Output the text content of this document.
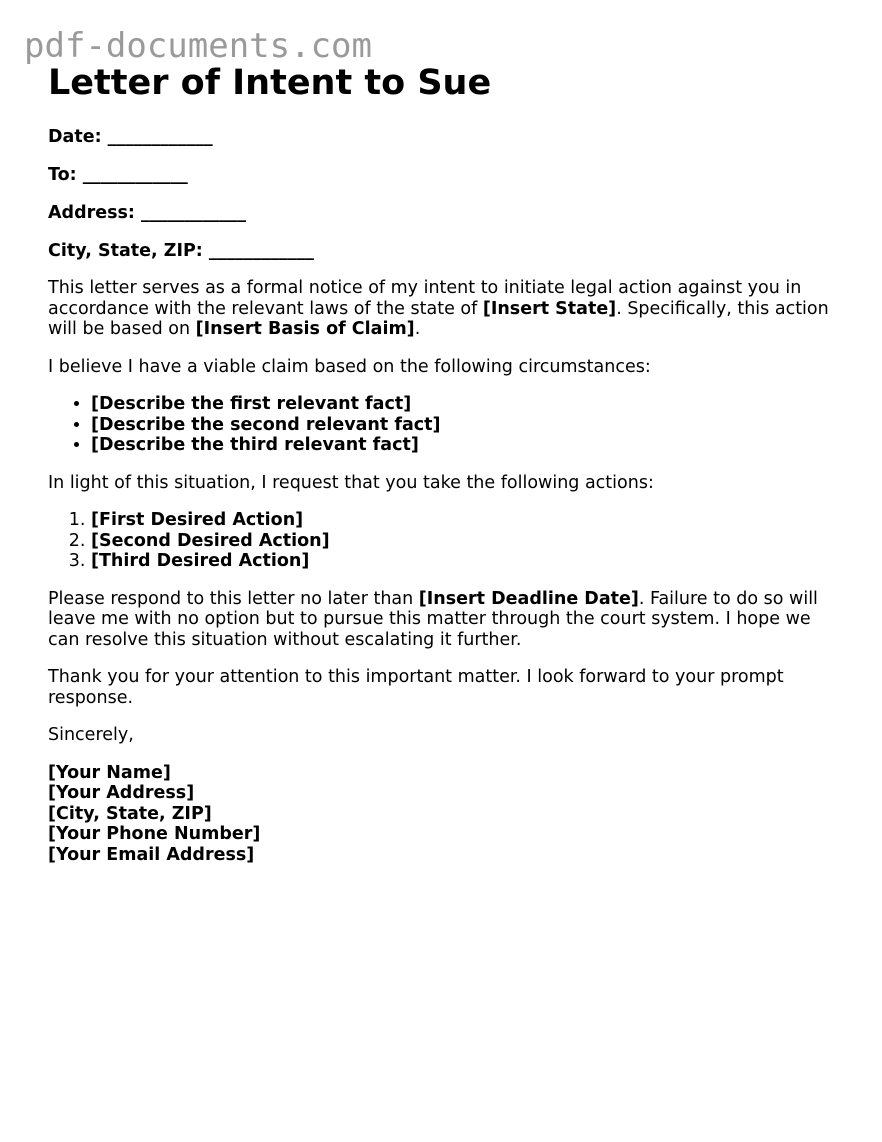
pdf-documents.com
Letter of Intent to Sue
Date: ____________
To: ____________
Address: ____________
City, State, ZIP: ____________

This letter serves as a formal notice of my intent to initiate legal action against you in accordance with the relevant laws of the state of [Insert State]. Specifically, this action will be based on [Insert Basis of Claim].

I believe I have a viable claim based on the following circumstances:

• [Describe the first relevant fact]
• [Describe the second relevant fact]
• [Describe the third relevant fact]

In light of this situation, I request that you take the following actions:

1. [First Desired Action]
2. [Second Desired Action]
3. [Third Desired Action]

Please respond to this letter no later than [Insert Deadline Date]. Failure to do so will leave me with no option but to pursue this matter through the court system. I hope we can resolve this situation without escalating it further.

Thank you for your attention to this important matter. I look forward to your prompt response.

Sincerely,

[Your Name]
[Your Address]
[City, State, ZIP]
[Your Phone Number]
[Your Email Address]
